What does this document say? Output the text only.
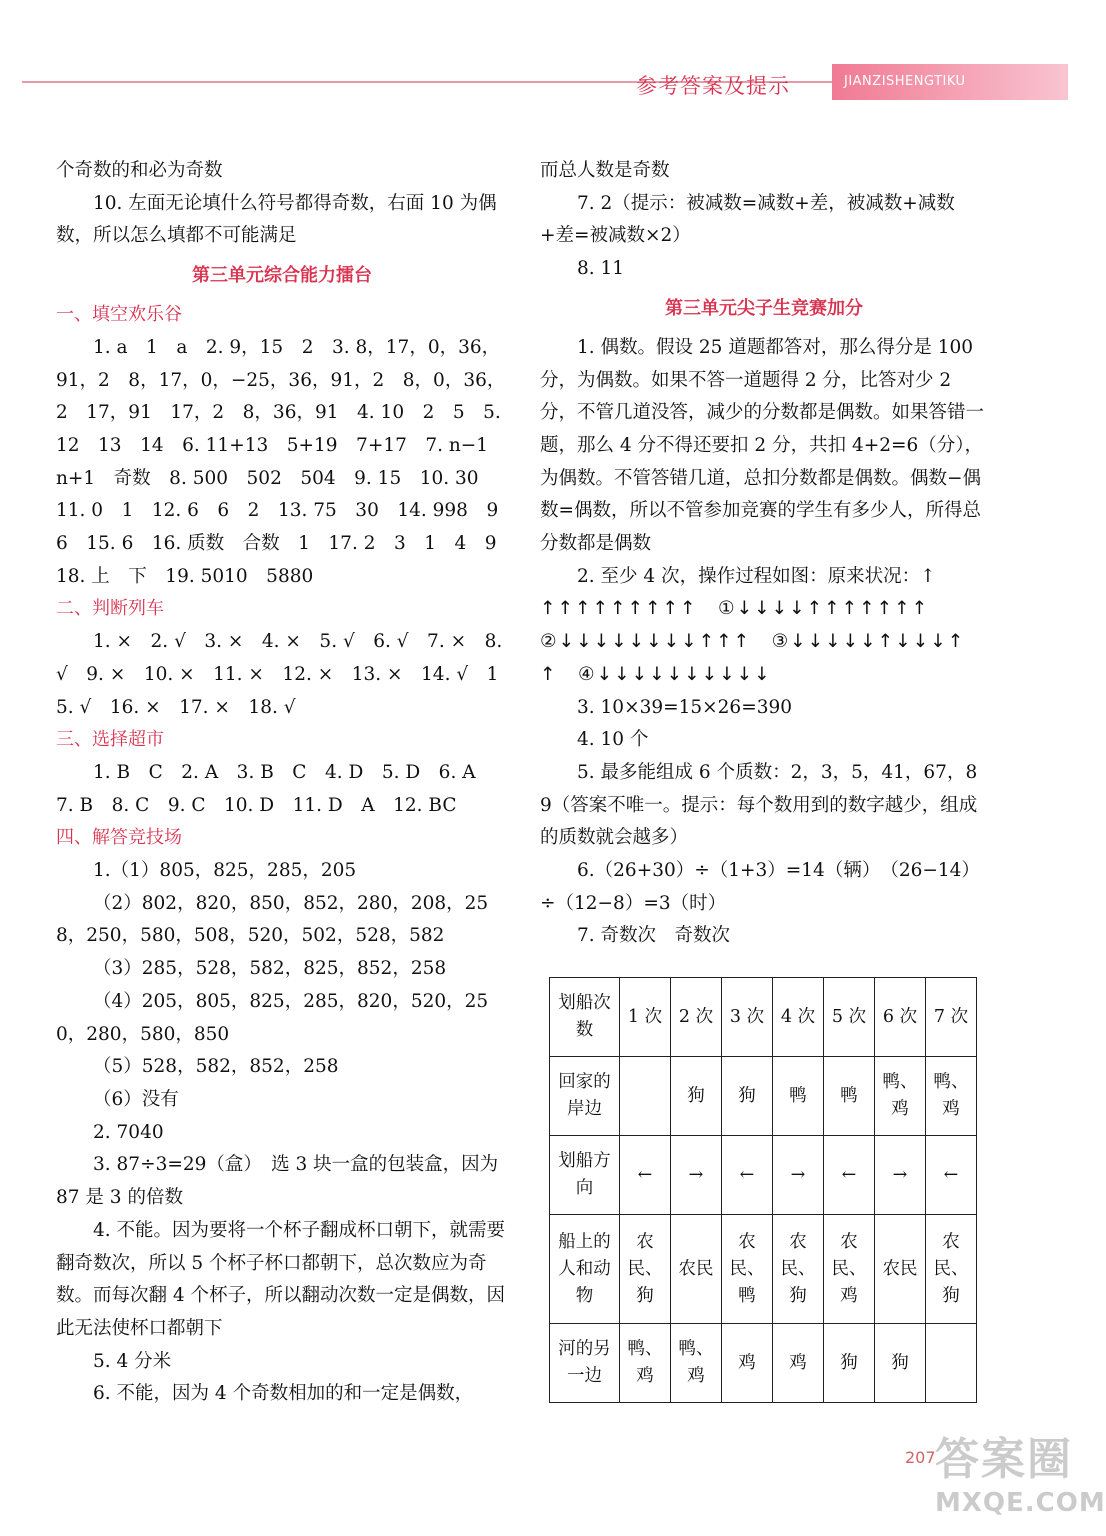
参考答案及提示	JIANZISHENGTIKU

个奇数的和必为奇数

10. 左面无论填什么符号都得奇数，右面 10 为偶数，所以怎么填都不可能满足

第三单元综合能力擂台
一、填空欢乐谷

1. a　1　a　2. 9，15　2　3. 8，17，0，36，91，2　8，17，0，−25，36，91，2　8，0，36，2　17，91　17，2　8，36，91　4. 10　2　5　5. 12　13　14　6. 11+13　5+19　7+17　7. n−1　n+1　奇数　8. 500　502　504　9. 15　10. 30　11. 0　1　12. 6　6　2　13. 75　30　14. 998　96　15. 6　16. 质数　合数　1　17. 2　3　1　4　9　18. 上　下　19. 5010　5880

二、判断列车

1. ×　2. √　3. ×　4. ×　5. √　6. √　7. ×　8. √　9. ×　10. ×　11. ×　12. ×　13. ×　14. √　15. √　16. ×　17. ×　18. √

三、选择超市

1. B　C　2. A　3. B　C　4. D　5. D　6. A　7. B　8. C　9. C　10. D　11. D　A　12. BC

四、解答竞技场

1.（1）805，825，285，205

（2）802，820，850，852，280，208，258，250，580，508，520，502，528，582

（3）285，528，582，825，852，258

（4）205，805，825，285，820，520，250，280，580，850

（5）528，582，852，258

（6）没有

2. 7040

3. 87÷3=29（盒）　选 3 块一盒的包装盒，因为 87 是 3 的倍数

4. 不能。因为要将一个杯子翻成杯口朝下，就需要翻奇数次，所以 5 个杯子杯口都朝下，总次数应为奇数。而每次翻 4 个杯子，所以翻动次数一定是偶数，因此无法使杯口都朝下

5. 4 分米

6. 不能，因为 4 个奇数相加的和一定是偶数，

而总人数是奇数

7. 2（提示：被减数=减数+差，被减数+减数+差=被减数×2）

8. 11

第三单元尖子生竞赛加分

1. 偶数。假设 25 道题都答对，那么得分是 100 分，为偶数。如果不答一道题得 2 分，比答对少 2 分，不管几道没答，减少的分数都是偶数。如果答错一题，那么 4 分不得还要扣 2 分，共扣 4+2=6（分），为偶数。不管答错几道，总扣分数都是偶数。偶数−偶数=偶数，所以不管参加竞赛的学生有多少人，所得总分数都是偶数

2. 至少 4 次，操作过程如图：原来状况：↑

↑↑↑↑↑↑↑↑↑　①↓↓↓↓↑↑↑↑↑↑↑

②↓↓↓↓↓↓↓↓↑↑↑　③↓↓↓↓↓↑↓↓↓↑

↑　④↓↓↓↓↓↓↓↓↓↓

3. 10×39=15×26=390

4. 10 个

5. 最多能组成 6 个质数：2，3，5，41，67，89（答案不唯一。提示：每个数用到的数字越少，组成的质数就会越多）

6.（26+30）÷（1+3）=14（辆）　（26−14）÷（12−8）=3（时）

7. 奇数次　奇数次

划船次数	1 次	2 次	3 次	4 次	5 次	6 次	7 次
回家的岸边		狗	狗	鸭	鸭	鸭、鸡	鸭、鸡
划船方向	←	→	←	→	←	→	←
船上的人和动物	农民、狗	农民	农民、鸭	农民、狗	农民、鸡	农民	农民、狗
河的另一边	鸭、鸡	鸭、鸡	鸡	鸡	狗	狗	
207 答案圈
MXQE.COM
